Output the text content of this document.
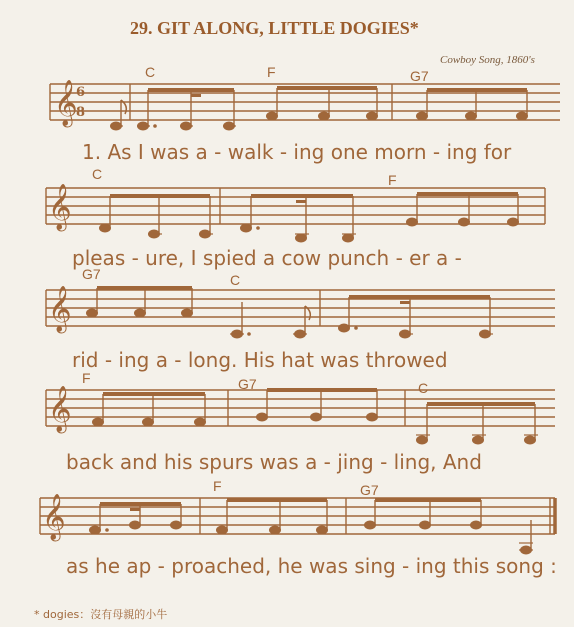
29. GIT ALONG, LITTLE DOGIES*
Cowboy Song, 1860's
C	F	G7
C	F
G7	C
F	G7	C
F	G7
1. As I was a - walk - ing one morn - ing for
pleas - ure, I spied a cow punch - er a -
rid - ing a - long. His hat was throwed
back and his spurs was a - jing - ling, And
as he ap - proached, he was sing - ing this song :
* dogies：沒有母親的小牛
𝄞
6
8
𝄞
𝄞
𝄞
𝄞
